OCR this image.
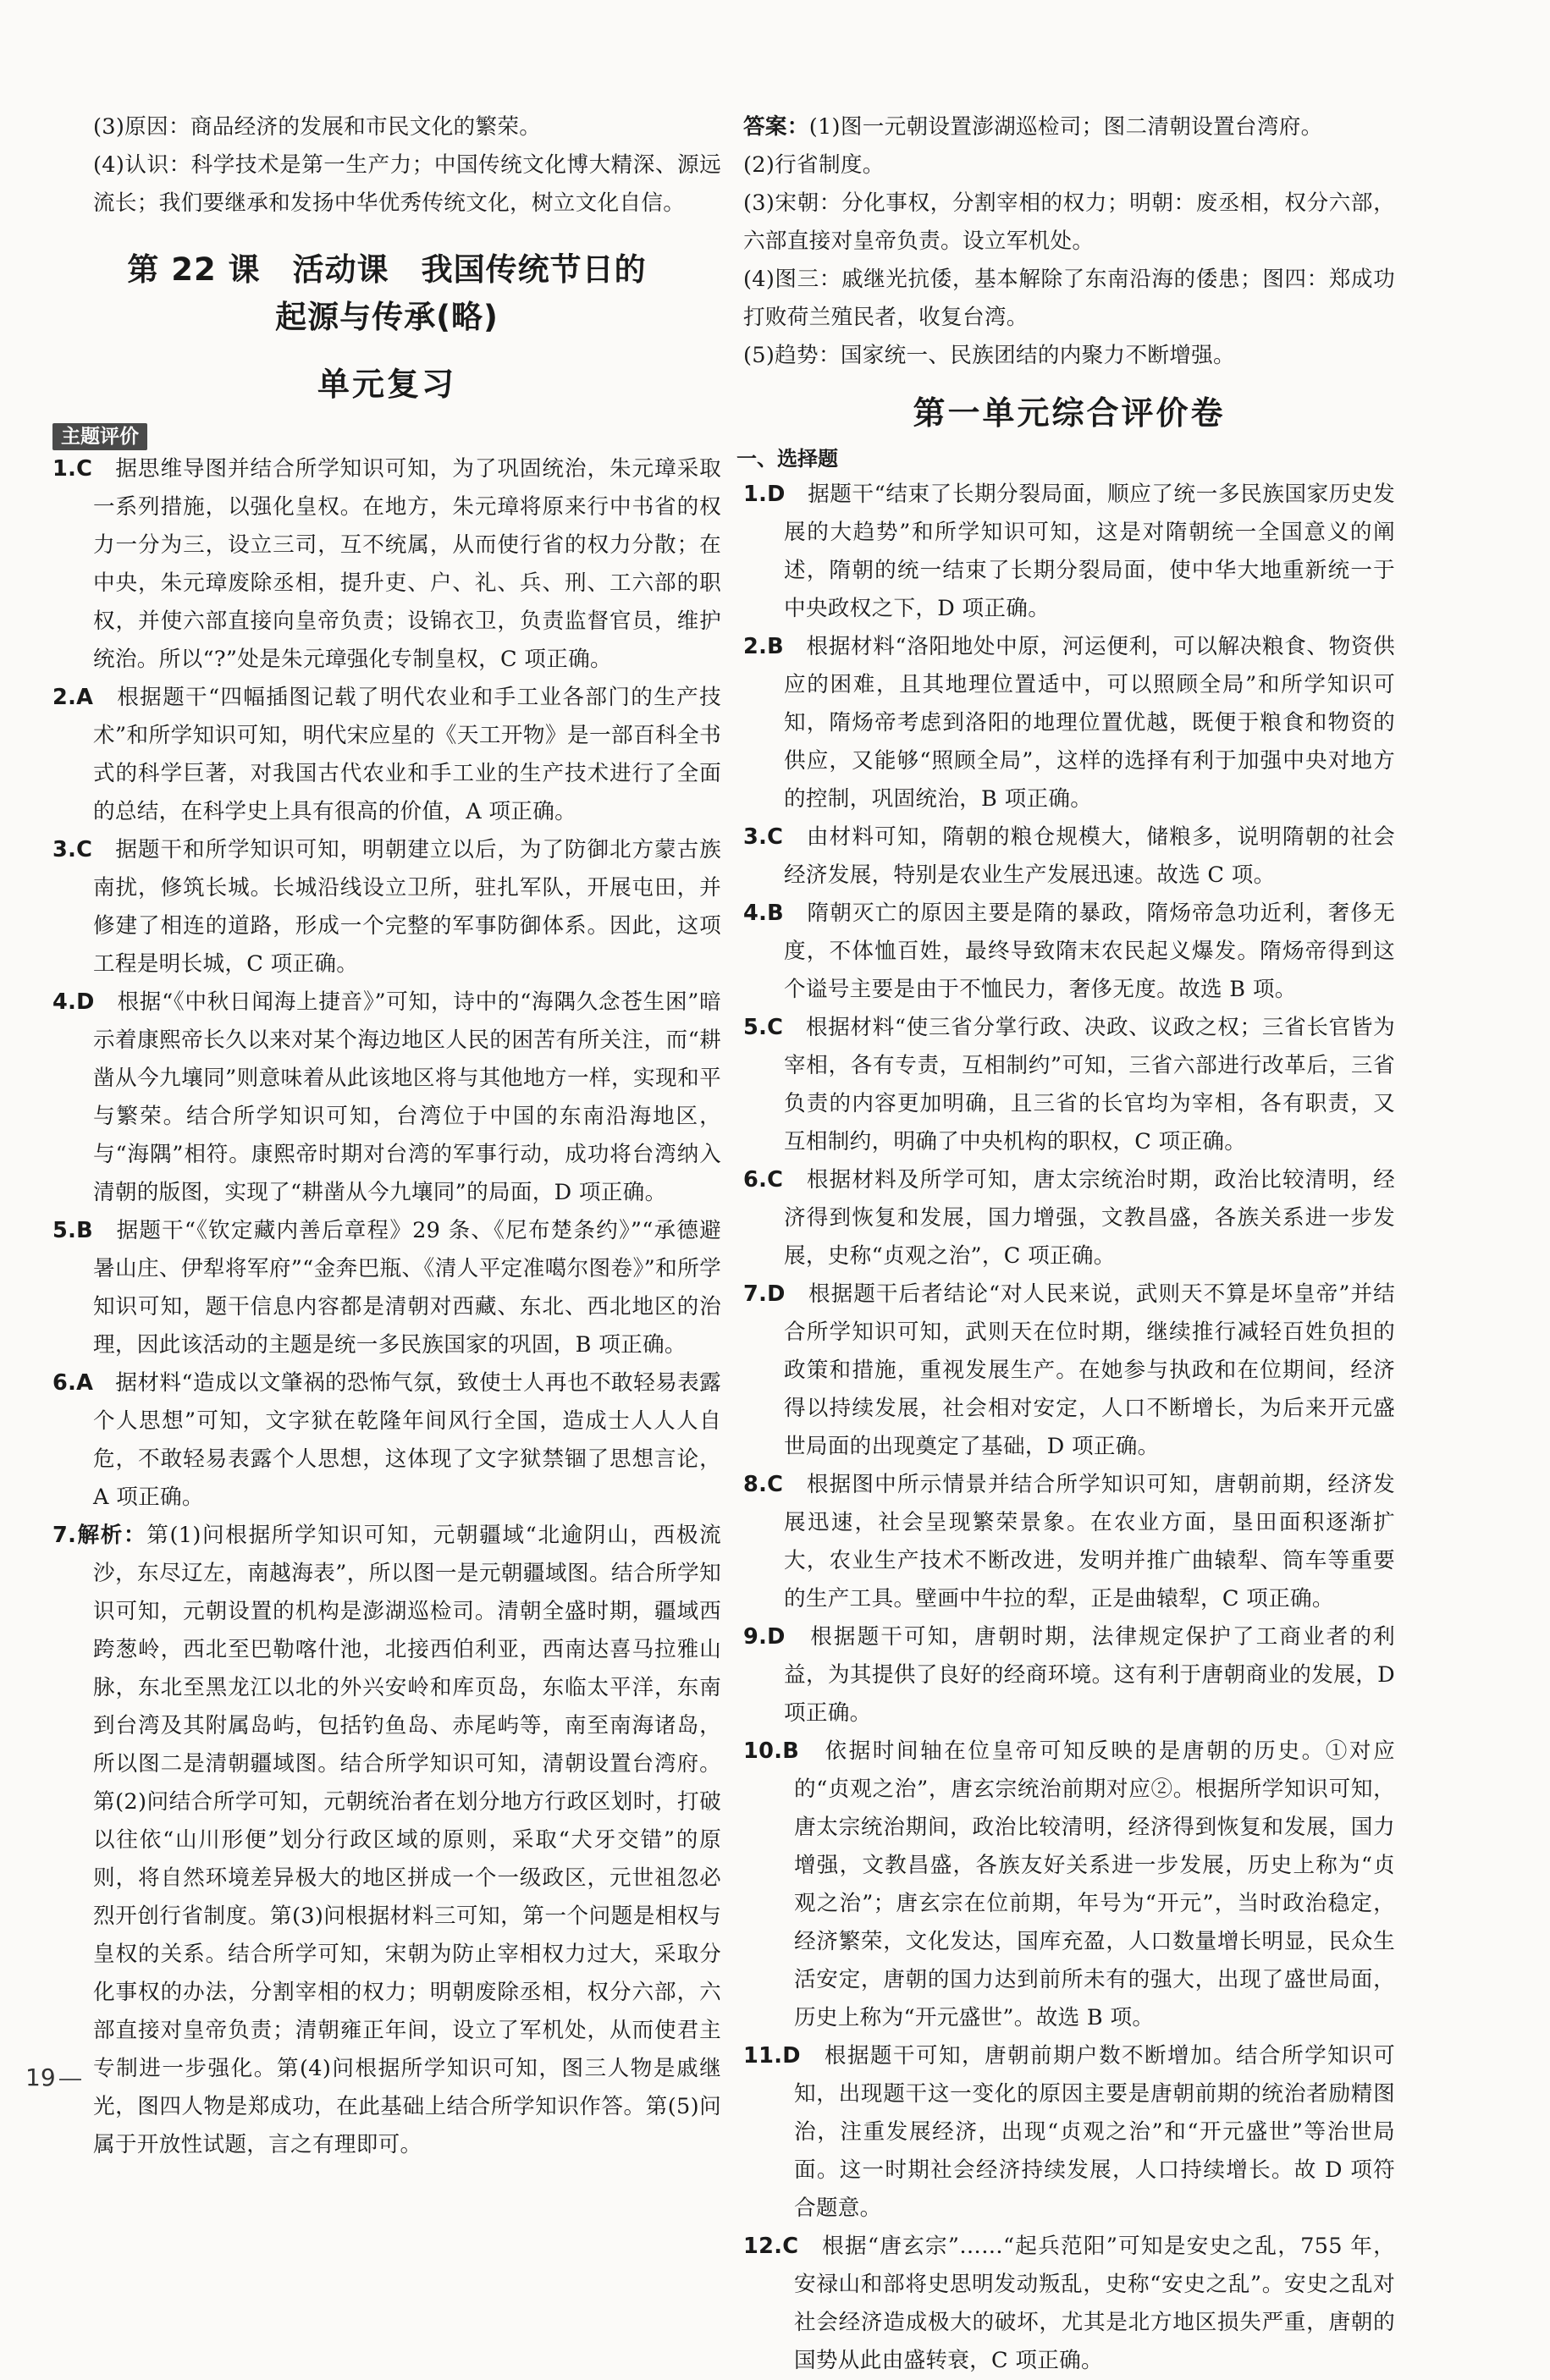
(3)原因：商品经济的发展和市民文化的繁荣。

(4)认识：科学技术是第一生产力；中国传统文化博大精深、源远流长；我们要继承和发扬中华优秀传统文化，树立文化自信。

第 22 课　活动课　我国传统节日的
起源与传承(略)
单元复习
主题评价

1.C　 据思维导图并结合所学知识可知，为了巩固统治，朱元璋采取一系列措施，以强化皇权。在地方，朱元璋将原来行中书省的权力一分为三，设立三司，互不统属，从而使行省的权力分散；在中央，朱元璋废除丞相，提升吏、户、礼、兵、刑、工六部的职权，并使六部直接向皇帝负责；设锦衣卫，负责监督官员，维护统治。所以“?”处是朱元璋强化专制皇权，C 项正确。

2.A　 根据题干“四幅插图记载了明代农业和手工业各部门的生产技术”和所学知识可知，明代宋应星的《天工开物》是一部百科全书式的科学巨著，对我国古代农业和手工业的生产技术进行了全面的总结，在科学史上具有很高的价值，A 项正确。

3.C　 据题干和所学知识可知，明朝建立以后，为了防御北方蒙古族南扰，修筑长城。长城沿线设立卫所，驻扎军队，开展屯田，并修建了相连的道路，形成一个完整的军事防御体系。因此，这项工程是明长城，C 项正确。

4.D　 根据“《中秋日闻海上捷音》”可知，诗中的“海隅久念苍生困”暗示着康熙帝长久以来对某个海边地区人民的困苦有所关注，而“耕凿从今九壤同”则意味着从此该地区将与其他地方一样，实现和平与繁荣。结合所学知识可知，台湾位于中国的东南沿海地区，与“海隅”相符。康熙帝时期对台湾的军事行动，成功将台湾纳入清朝的版图，实现了“耕凿从今九壤同”的局面，D 项正确。

5.B　 据题干“《钦定藏内善后章程》29 条、《尼布楚条约》”“承德避暑山庄、伊犁将军府”“金奔巴瓶、《清人平定准噶尔图卷》”和所学知识可知，题干信息内容都是清朝对西藏、东北、西北地区的治理，因此该活动的主题是统一多民族国家的巩固，B 项正确。

6.A　 据材料“造成以文肇祸的恐怖气氛，致使士人再也不敢轻易表露个人思想”可知，文字狱在乾隆年间风行全国，造成士人人人自危，不敢轻易表露个人思想，这体现了文字狱禁锢了思想言论，A 项正确。

7.解析：第(1)问根据所学知识可知，元朝疆域“北逾阴山，西极流沙，东尽辽左，南越海表”，所以图一是元朝疆域图。结合所学知识可知，元朝设置的机构是澎湖巡检司。清朝全盛时期，疆域西跨葱岭，西北至巴勒喀什池，北接西伯利亚，西南达喜马拉雅山脉，东北至黑龙江以北的外兴安岭和库页岛，东临太平洋，东南到台湾及其附属岛屿，包括钓鱼岛、赤尾屿等，南至南海诸岛，所以图二是清朝疆域图。结合所学知识可知，清朝设置台湾府。第(2)问结合所学可知，元朝统治者在划分地方行政区划时，打破以往依“山川形便”划分行政区域的原则，采取“犬牙交错”的原则，将自然环境差异极大的地区拼成一个一级政区，元世祖忽必烈开创行省制度。第(3)问根据材料三可知，第一个问题是相权与皇权的关系。结合所学可知，宋朝为防止宰相权力过大，采取分化事权的办法，分割宰相的权力；明朝废除丞相，权分六部，六部直接对皇帝负责；清朝雍正年间，设立了军机处，从而使君主专制进一步强化。第(4)问根据所学知识可知，图三人物是戚继光，图四人物是郑成功，在此基础上结合所学知识作答。第(5)问属于开放性试题，言之有理即可。

答案：(1)图一元朝设置澎湖巡检司；图二清朝设置台湾府。

(2)行省制度。

(3)宋朝：分化事权，分割宰相的权力；明朝：废丞相，权分六部，六部直接对皇帝负责。设立军机处。

(4)图三：戚继光抗倭，基本解除了东南沿海的倭患；图四：郑成功打败荷兰殖民者，收复台湾。

(5)趋势：国家统一、民族团结的内聚力不断增强。

第一单元综合评价卷
一、选择题

1.D　 据题干“结束了长期分裂局面，顺应了统一多民族国家历史发展的大趋势”和所学知识可知，这是对隋朝统一全国意义的阐述，隋朝的统一结束了长期分裂局面，使中华大地重新统一于中央政权之下，D 项正确。

2.B　 根据材料“洛阳地处中原，河运便利，可以解决粮食、物资供应的困难，且其地理位置适中，可以照顾全局”和所学知识可知，隋炀帝考虑到洛阳的地理位置优越，既便于粮食和物资的供应，又能够“照顾全局”，这样的选择有利于加强中央对地方的控制，巩固统治，B 项正确。

3.C　 由材料可知，隋朝的粮仓规模大，储粮多，说明隋朝的社会经济发展，特别是农业生产发展迅速。故选 C 项。

4.B　 隋朝灭亡的原因主要是隋的暴政，隋炀帝急功近利，奢侈无度，不体恤百姓，最终导致隋末农民起义爆发。隋炀帝得到这个谥号主要是由于不恤民力，奢侈无度。故选 B 项。

5.C　 根据材料“使三省分掌行政、决政、议政之权；三省长官皆为宰相，各有专责，互相制约”可知，三省六部进行改革后，三省负责的内容更加明确，且三省的长官均为宰相，各有职责，又互相制约，明确了中央机构的职权，C 项正确。

6.C　 根据材料及所学可知，唐太宗统治时期，政治比较清明，经济得到恢复和发展，国力增强，文教昌盛，各族关系进一步发展，史称“贞观之治”，C 项正确。

7.D　 根据题干后者结论“对人民来说，武则天不算是坏皇帝”并结合所学知识可知，武则天在位时期，继续推行减轻百姓负担的政策和措施，重视发展生产。在她参与执政和在位期间，经济得以持续发展，社会相对安定，人口不断增长，为后来开元盛世局面的出现奠定了基础，D 项正确。

8.C　 根据图中所示情景并结合所学知识可知，唐朝前期，经济发展迅速，社会呈现繁荣景象。在农业方面，垦田面积逐渐扩大，农业生产技术不断改进，发明并推广曲辕犁、筒车等重要的生产工具。壁画中牛拉的犁，正是曲辕犁，C 项正确。

9.D　 根据题干可知，唐朝时期，法律规定保护了工商业者的利益，为其提供了良好的经商环境。这有利于唐朝商业的发展，D 项正确。

10.B　 依据时间轴在位皇帝可知反映的是唐朝的历史。①对应的“贞观之治”，唐玄宗统治前期对应②。根据所学知识可知，唐太宗统治期间，政治比较清明，经济得到恢复和发展，国力增强，文教昌盛，各族友好关系进一步发展，历史上称为“贞观之治”；唐玄宗在位前期，年号为“开元”，当时政治稳定，经济繁荣，文化发达，国库充盈，人口数量增长明显，民众生活安定，唐朝的国力达到前所未有的强大，出现了盛世局面，历史上称为“开元盛世”。故选 B 项。

11.D　 根据题干可知，唐朝前期户数不断增加。结合所学知识可知，出现题干这一变化的原因主要是唐朝前期的统治者励精图治，注重发展经济，出现“贞观之治”和“开元盛世”等治世局面。这一时期社会经济持续发展，人口持续增长。故 D 项符合题意。

12.C　 根据“唐玄宗”……“起兵范阳”可知是安史之乱，755 年，安禄山和部将史思明发动叛乱，史称“安史之乱”。安史之乱对社会经济造成极大的破坏，尤其是北方地区损失严重，唐朝的国势从此由盛转衰，C 项正确。

19
